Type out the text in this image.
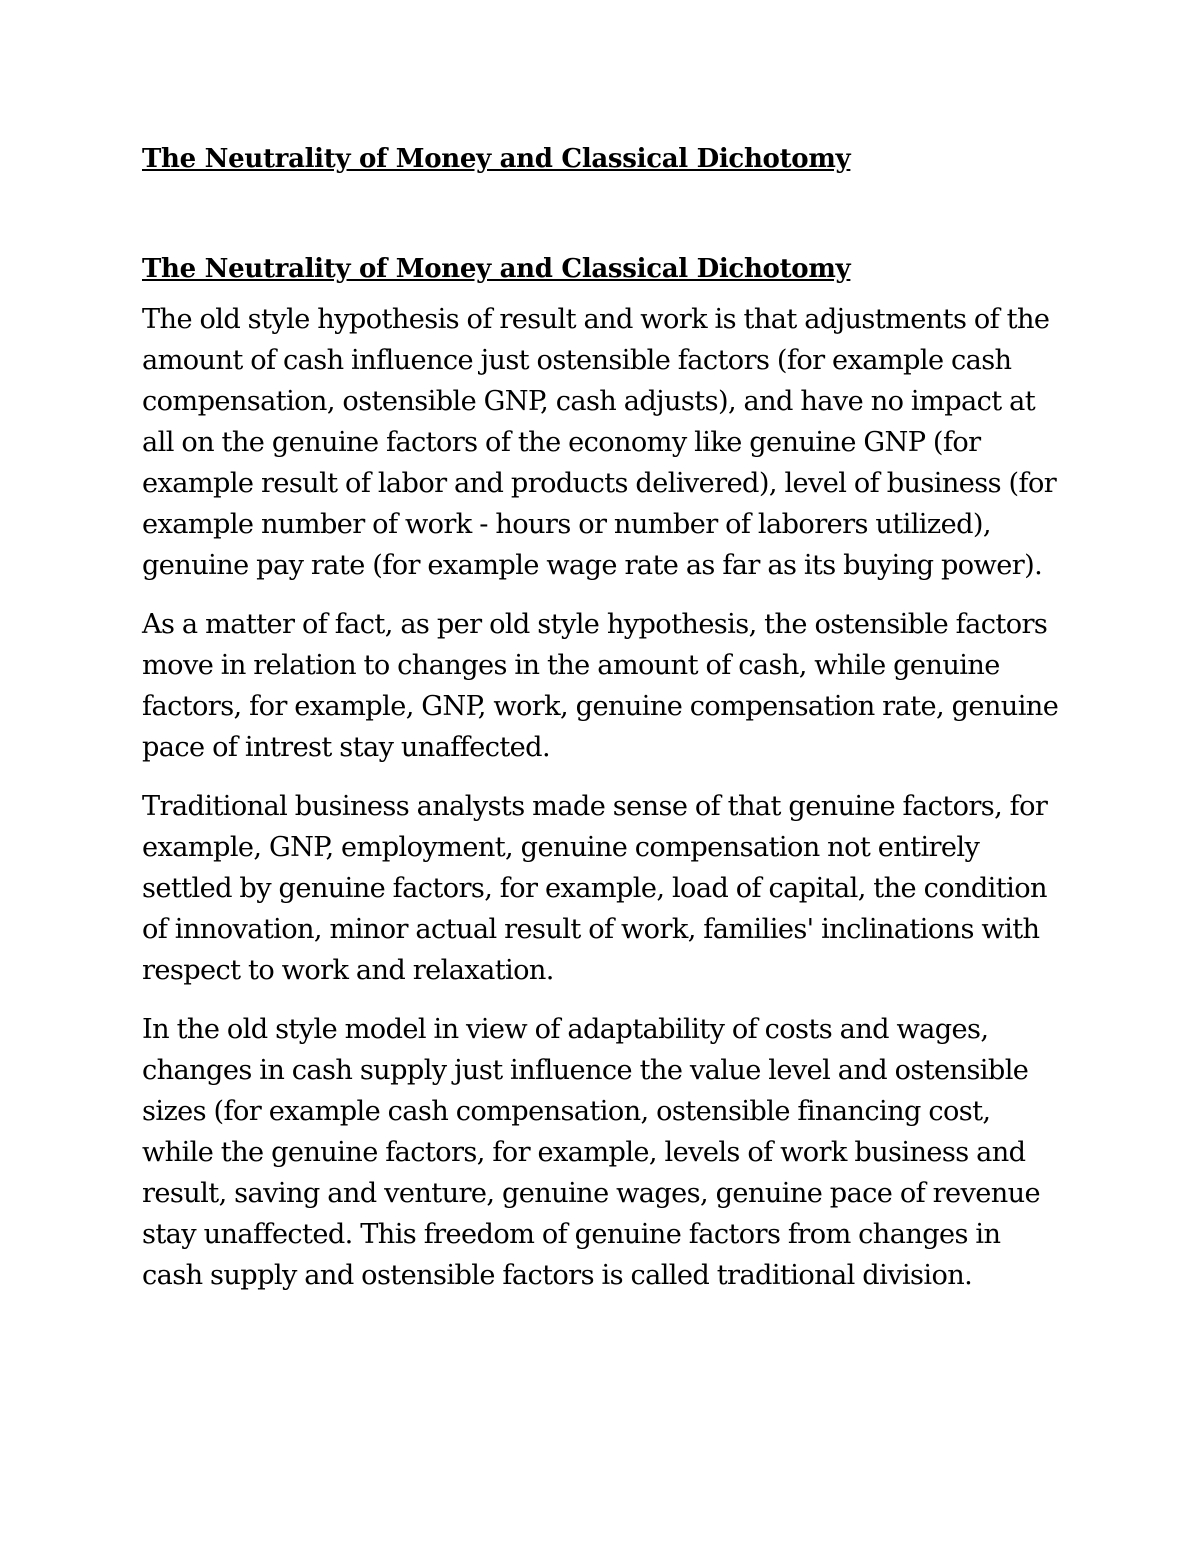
The Neutrality of Money and Classical Dichotomy
The Neutrality of Money and Classical Dichotomy

The old style hypothesis of result and work is that adjustments of the amount of cash influence just ostensible factors (for example cash compensation, ostensible GNP, cash adjusts), and have no impact at all on the genuine factors of the economy like genuine GNP (for example result of labor and products delivered), level of business (for example number of work - hours or number of laborers utilized), genuine pay rate (for example wage rate as far as its buying power).

As a matter of fact, as per old style hypothesis, the ostensible factors move in relation to changes in the amount of cash, while genuine factors, for example, GNP, work, genuine compensation rate, genuine pace of intrest stay unaffected.

Traditional business analysts made sense of that genuine factors, for example, GNP, employment, genuine compensation not entirely settled by genuine factors, for example, load of capital, the condition of innovation, minor actual result of work, families' inclinations with respect to work and relaxation.

In the old style model in view of adaptability of costs and wages, changes in cash supply just influence the value level and ostensible sizes (for example cash compensation, ostensible financing cost, while the genuine factors, for example, levels of work business and result, saving and venture, genuine wages, genuine pace of revenue stay unaffected. This freedom of genuine factors from changes in cash supply and ostensible factors is called traditional division.
